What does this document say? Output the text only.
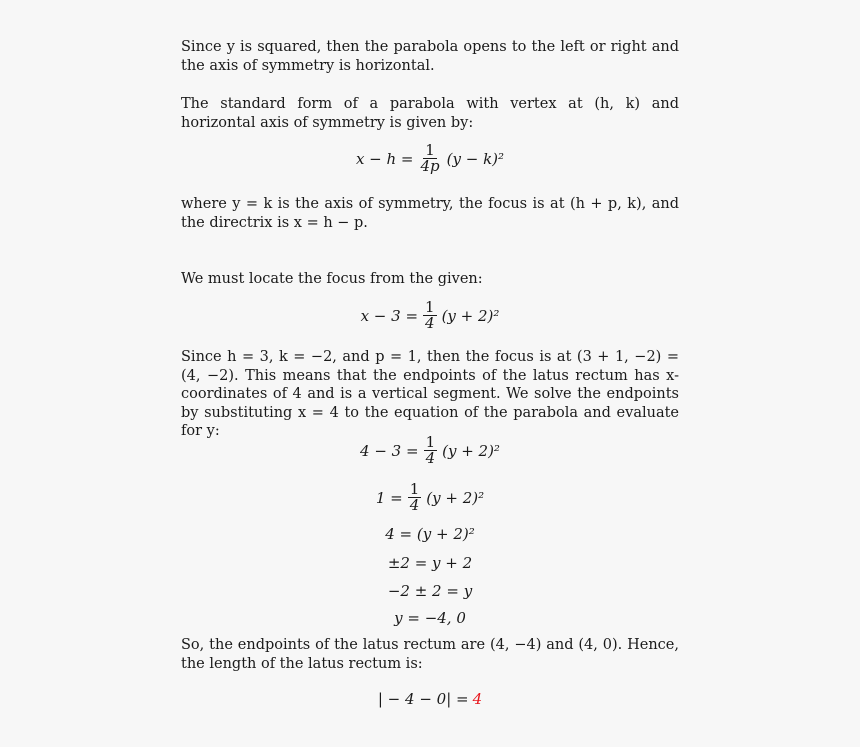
Since y is squared, then the parabola opens to the left or right and the axis of symmetry is horizontal.
The standard form of a parabola with vertex at (h, k) and horizontal axis of symmetry is given by:
$x - h = \frac{1}{4p} (y - k)^2$
where y = k is the axis of symmetry, the focus is at (h + p, k), and the directrix is x = h − p.
We must locate the focus from the given:
$x - 3 = \frac{1}{4} (y + 2)^2$
Since h = 3, k = −2, and p = 1, then the focus is at (3 + 1, −2) = (4, −2). This means that the endpoints of the latus rectum has x-coordinates of 4 and is a vertical segment. We solve the endpoints by substituting x = 4 to the equation of the parabola and evaluate for y:
$4 - 3 = \frac{1}{4} (y + 2)^2$
$1 = \frac{1}{4} (y + 2)^2$
4 = (y + 2)²
±2 = y + 2
−2 ± 2 = y
y = −4, 0
So, the endpoints of the latus rectum are (4, −4) and (4, 0). Hence, the length of the latus rectum is:
| − 4 − 0| = 4
